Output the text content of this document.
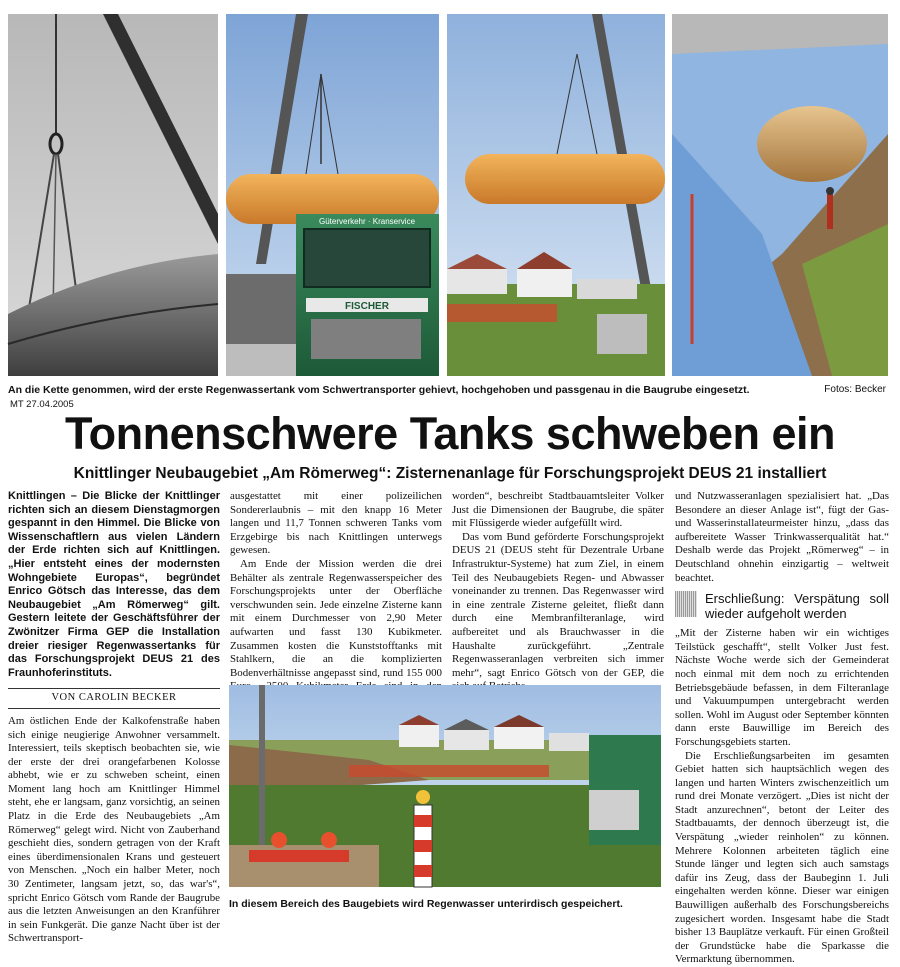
Güterverkehr · Kranservice
FISCHER
An die Kette genommen, wird der erste Regenwassertank vom Schwertransporter gehievt, hochgehoben und passgenau in die Baugrube eingesetzt.	Fotos: Becker
MT 27.04.2005
Tonnenschwere Tanks schweben ein
Knittlinger Neubaugebiet „Am Römerweg“: Zisternenanlage für Forschungsprojekt DEUS 21 installiert

Knittlingen – Die Blicke der Knittlinger richten sich an diesem Dienstagmorgen gespannt in den Himmel. Die Blicke von Wissenschaftlern aus vielen Ländern der Erde richten sich auf Knittlingen. „Hier entsteht eines der modernsten Wohngebiete Europas“, begründet Enrico Götsch das Interesse, das dem Neubaugebiet „Am Römerweg“ gilt. Gestern leitete der Geschäftsführer der Zwönitzer Firma GEP die Installation dreier riesiger Regenwassertanks für das Forschungsprojekt DEUS 21 des Fraunhoferinstituts.

VON CAROLIN BECKER

Am östlichen Ende der Kalkofenstraße haben sich einige neugierige Anwohner versammelt. Interessiert, teils skeptisch beobachten sie, wie der erste der drei orangefarbenen Kolosse abhebt, wie er zu schweben scheint, einen Moment lang hoch am Knittlinger Himmel steht, ehe er langsam, ganz vorsichtig, an seinen Platz in die Erde des Neubaugebiets „Am Römerweg“ gelegt wird. Nicht von Zauberhand geschieht dies, sondern getragen von der Kraft eines überdimensionalen Krans und gesteuert von Menschen. „Noch ein halber Meter, noch 30 Zentimeter, langsam jetzt, so, das war's“, spricht Enrico Götsch vom Rande der Baugrube aus die letzten Anweisungen an den Kranführer in sein Funkgerät. Die ganze Nacht über ist der Schwertransport-

ausgestattet mit einer polizeilichen Sondererlaubnis – mit den knapp 16 Meter langen und 11,7 Tonnen schweren Tanks vom Erzgebirge bis nach Knittlingen unterwegs gewesen.

Am Ende der Mission werden die drei Behälter als zentrale Regenwasserspeicher des Forschungsprojekts unter der Oberfläche verschwunden sein. Jede einzelne Zisterne kann mit einem Durchmesser von 2,90 Meter aufwarten und fasst 130 Kubikmeter. Zusammen kosten die Kunststofftanks mit Stahlkern, die an die komplizierten Bodenverhältnisse angepasst sind, rund 155 000

worden“, beschreibt Stadtbauamtsleiter Volker Just die Dimensionen der Baugrube, die später mit Flüssigerde wieder aufgefüllt wird.

Das vom Bund geförderte Forschungsprojekt DEUS 21 (DEUS steht für Dezentrale Urbane Infrastruktur-Systeme) hat zum Ziel, in einem Teil des Neubaugebiets Regen- und Abwasser voneinander zu trennen. Das Regenwasser wird in eine zentrale Zisterne geleitet, fließt dann durch eine Membranfilteranlage, wird aufbereitet und als Brauchwasser in die Haushalte zurückgeführt. „Zentrale Regenwasseranlagen verbreiten sich immer mehr“, sagt Enrico Götsch von der GEP, die

und Nutzwasseranlagen spezialisiert hat. „Das Besondere an dieser Anlage ist“, fügt der Gas- und Wasserinstallateurmeister hinzu, „dass das aufbereitete Wasser Trinkwasserqualität hat.“ Deshalb werde das Projekt „Römerweg“ – in Deutschland ohnehin einzigartig – weltweit beachtet.

Erschließung: Verspätung soll wieder aufgeholt werden

„Mit der Zisterne haben wir ein wichtiges Teilstück geschafft“, stellt Volker Just fest. Nächste Woche werde sich der Gemeinderat noch einmal mit dem noch zu errichtenden Betriebsgebäude befassen, in dem Filteranlage und Vakuumpumpen untergebracht werden sollen. Wohl im August oder September könnten dann erste Bauwillige im Bereich des Forschungsgebiets starten.

Die Erschließungsarbeiten im gesamten Gebiet hatten sich hauptsächlich wegen des langen und harten Winters zwischenzeitlich um rund drei Monate verzögert. „Dies ist nicht der Stadt anzurechnen“, betont der Leiter des Stadtbauamts, der dennoch überzeugt ist, die Verspätung „wieder reinholen“ zu können. Mehrere Kolonnen arbeiteten täglich eine Stunde länger und legten sich auch samstags dafür ins Zeug, dass der Baubeginn 1. Juli eingehalten werden könne. Dieser war einigen Bauwilligen außerhalb des Forschungsbereichs zugesichert worden. Insgesamt habe die Stadt bisher 13 Bauplätze verkauft. Für einen Großteil der Grundstücke habe die Sparkasse die Vermarktung übernommen.

In diesem Bereich des Baugebiets wird Regenwasser unterirdisch gespeichert.
